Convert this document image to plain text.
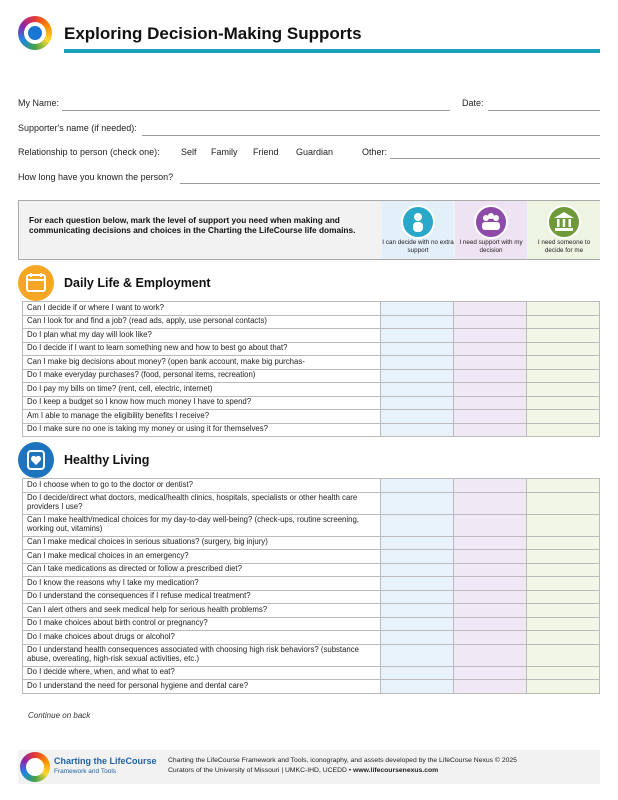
Exploring Decision-Making Supports
My Name:	Date:
Supporter's name (if needed):
Relationship to person (check one): Self Family Friend Guardian	Other:
How long have you known the person?
For each question below, mark the level of support you need when making and communicating decisions and choices in the Charting the LifeCourse life domains.
I can decide with no extra support
I need support with my decision
I need someone to decide for me
Daily Life & Employment
Can I decide if or where I want to work?			
Can I look for and find a job? (read ads, apply, use personal contacts)			
Do I plan what my day will look like?			
Do I decide if I want to learn something new and how to best go about that?			
Can I make big decisions about money? (open bank account, make big purchas-			
Do I make everyday purchases? (food, personal items, recreation)			
Do I pay my bills on time? (rent, cell, electric, internet)			
Do I keep a budget so I know how much money I have to spend?			
Am I able to manage the eligibility benefits I receive?			
Do I make sure no one is taking my money or using it for themselves?			
Healthy Living
Do I choose when to go to the doctor or dentist?			
Do I decide/direct what doctors, medical/health clinics, hospitals, specialists or other health care providers I use?			
Can I make health/medical choices for my day-to-day well-being? (check-ups, routine screening, working out, vitamins)			
Can I make medical choices in serious situations? (surgery, big injury)			
Can I make medical choices in an emergency?			
Can I take medications as directed or follow a prescribed diet?			
Do I know the reasons why I take my medication?			
Do I understand the consequences if I refuse medical treatment?			
Can I alert others and seek medical help for serious health problems?			
Do I make choices about birth control or pregnancy?			
Do I make choices about drugs or alcohol?			
Do I understand health consequences associated with choosing high risk behaviors? (substance abuse, overeating, high-risk sexual activities, etc.)			
Do I decide where, when, and what to eat?			
Do I understand the need for personal hygiene and dental care?			
Continue on back
Charting the LifeCourse
Framework and Tools
Charting the LifeCourse Framework and Tools, iconography, and assets developed by the LifeCourse Nexus © 2025
Curators of the University of Missouri | UMKC-IHD, UCEDD • www.lifecoursenexus.com
